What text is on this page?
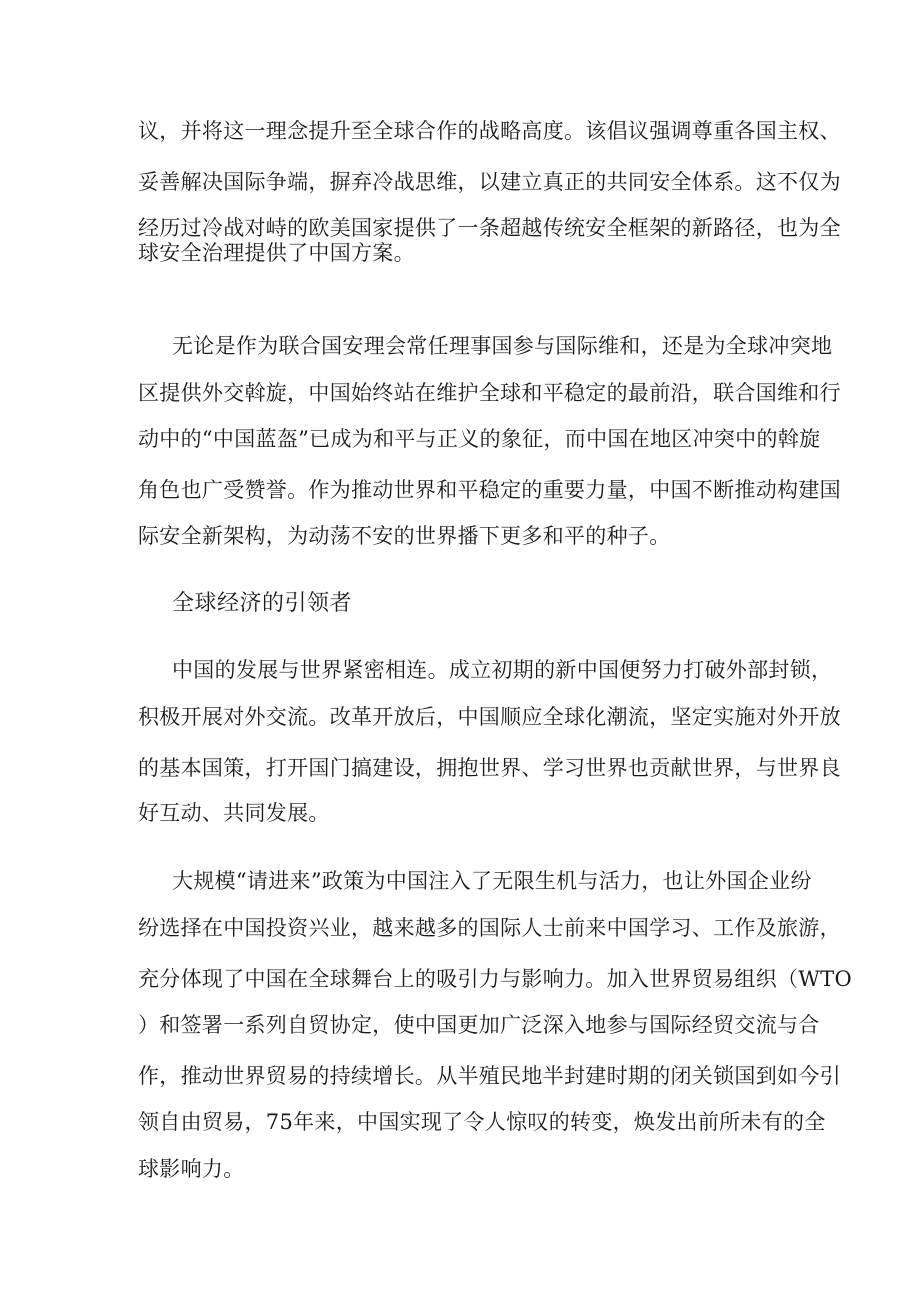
议，并将这一理念提升至全球合作的战略高度。该倡议强调尊重各国主权、
妥善解决国际争端，摒弃冷战思维，以建立真正的共同安全体系。这不仅为
经历过冷战对峙的欧美国家提供了一条超越传统安全框架的新路径，也为全
球安全治理提供了中国方案。
无论是作为联合国安理会常任理事国参与国际维和，还是为全球冲突地
区提供外交斡旋，中国始终站在维护全球和平稳定的最前沿，联合国维和行
动中的“中国蓝盔”已成为和平与正义的象征，而中国在地区冲突中的斡旋
角色也广受赞誉。作为推动世界和平稳定的重要力量，中国不断推动构建国
际安全新架构，为动荡不安的世界播下更多和平的种子。
全球经济的引领者
中国的发展与世界紧密相连。成立初期的新中国便努力打破外部封锁，
积极开展对外交流。改革开放后，中国顺应全球化潮流，坚定实施对外开放
的基本国策，打开国门搞建设，拥抱世界、学习世界也贡献世界，与世界良
好互动、共同发展。
大规模“请进来”政策为中国注入了无限生机与活力，也让外国企业纷
纷选择在中国投资兴业，越来越多的国际人士前来中国学习、工作及旅游，
充分体现了中国在全球舞台上的吸引力与影响力。加入世界贸易组织（WTO
）和签署一系列自贸协定，使中国更加广泛深入地参与国际经贸交流与合
作，推动世界贸易的持续增长。从半殖民地半封建时期的闭关锁国到如今引
领自由贸易，75年来，中国实现了令人惊叹的转变，焕发出前所未有的全
球影响力。
